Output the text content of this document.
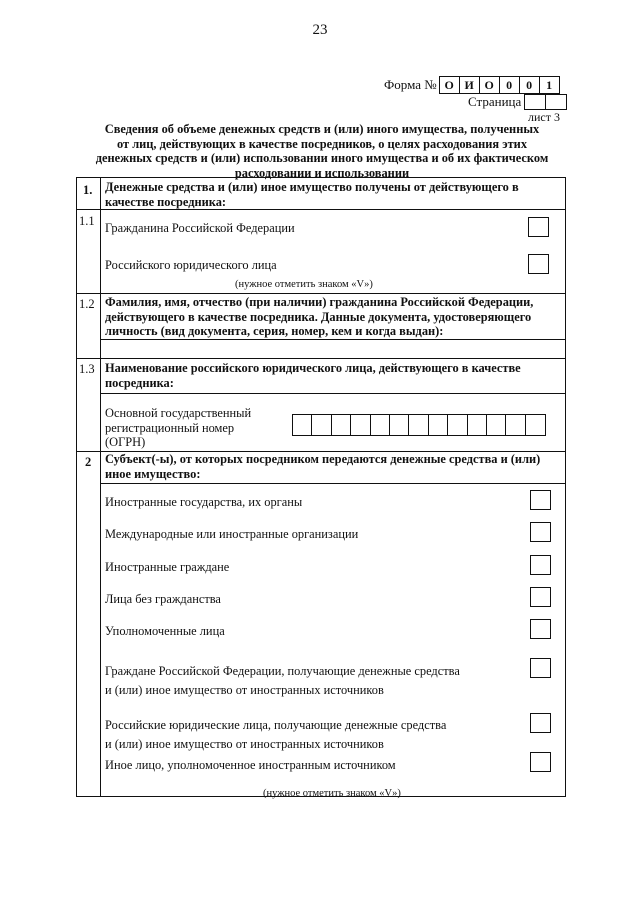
23
Форма № О И О	0	0	1
Страница
лист 3
Сведения об объеме денежных средств и (или) иного имущества, полученных
от лиц, действующих в качестве посредников, о целях расходования этих
денежных средств и (или) использовании иного имущества и об их фактическом
расходовании и использовании
1. Денежные средства и (или) иное имущество получены от действующего в
качестве посредника:
1.1 Гражданина Российской Федерации
Российского юридического лица
(нужное отметить знаком «V»)
1.2 Фамилия, имя, отчество (при наличии) гражданина Российской Федерации,
действующего в качестве посредника. Данные документа, удостоверяющего
личность (вид документа, серия, номер, кем и когда выдан):
1.3 Наименование российского юридического лица, действующего в качестве
посредника:
Основной государственный
регистрационный номер
(ОГРН)
2 Субъект(-ы), от которых посредником передаются денежные средства и (или)
иное имущество:
Иностранные государства, их органы
Международные или иностранные организации
Иностранные граждане
Лица без гражданства
Уполномоченные лица
Граждане Российской Федерации, получающие денежные средства
и (или) иное имущество от иностранных источников
Российские юридические лица, получающие денежные средства
и (или) иное имущество от иностранных источников
Иное лицо, уполномоченное иностранным источником
(нужное отметить знаком «V»)
